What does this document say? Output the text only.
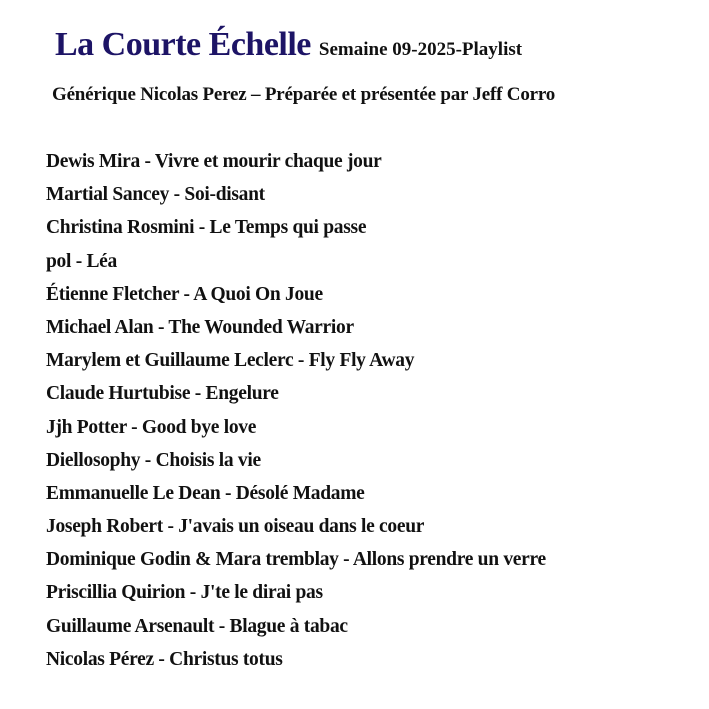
La Courte Échelle Semaine 09-2025-Playlist
Générique Nicolas Perez – Préparée et présentée par Jeff Corro
Dewis Mira - Vivre et mourir chaque jour
Martial Sancey - Soi-disant
Christina Rosmini - Le Temps qui passe
pol - Léa
Étienne Fletcher - A Quoi On Joue
Michael Alan - The Wounded Warrior
Marylem et Guillaume Leclerc - Fly Fly Away
Claude Hurtubise - Engelure
Jjh Potter - Good bye love
Diellosophy - Choisis la vie
Emmanuelle Le Dean - Désolé Madame
Joseph Robert - J'avais un oiseau dans le coeur
Dominique Godin & Mara tremblay - Allons prendre un verre
Priscillia Quirion - J'te le dirai pas
Guillaume Arsenault - Blague à tabac
Nicolas Pérez - Christus totus
